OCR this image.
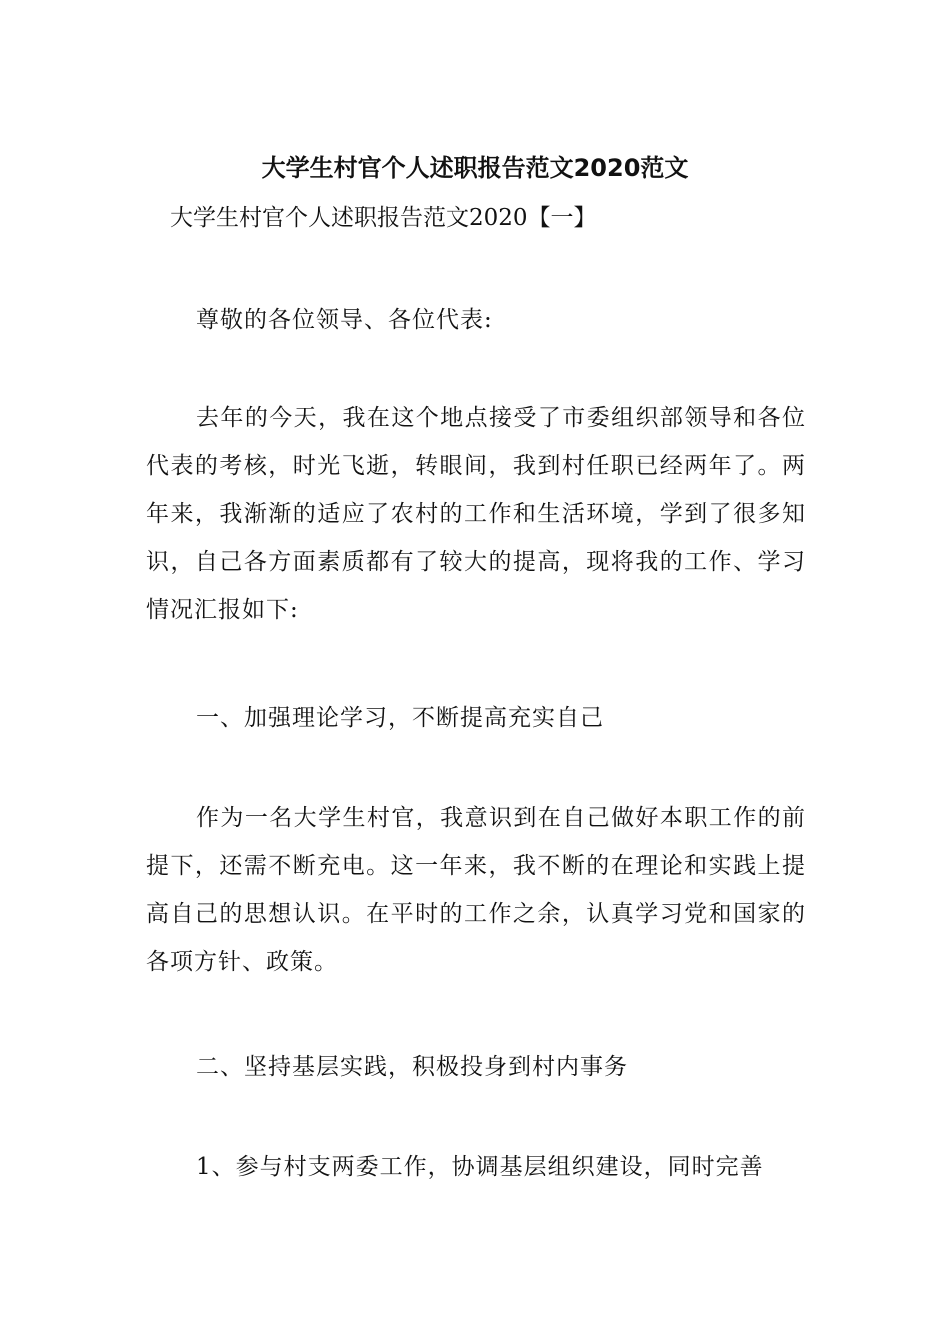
大学生村官个人述职报告范文2020范文
大学生村官个人述职报告范文2020【一】

尊敬的各位领导、各位代表:

去年的今天，我在这个地点接受了市委组织部领导和各位代表的考核，时光飞逝，转眼间，我到村任职已经两年了。两年来，我渐渐的适应了农村的工作和生活环境，学到了很多知识，自己各方面素质都有了较大的提高，现将我的工作、学习情况汇报如下:

一、加强理论学习，不断提高充实自己

作为一名大学生村官，我意识到在自己做好本职工作的前提下，还需不断充电。这一年来，我不断的在理论和实践上提高自己的思想认识。在平时的工作之余，认真学习党和国家的各项方针、政策。

二、坚持基层实践，积极投身到村内事务

1、参与村支两委工作，协调基层组织建设，同时完善
